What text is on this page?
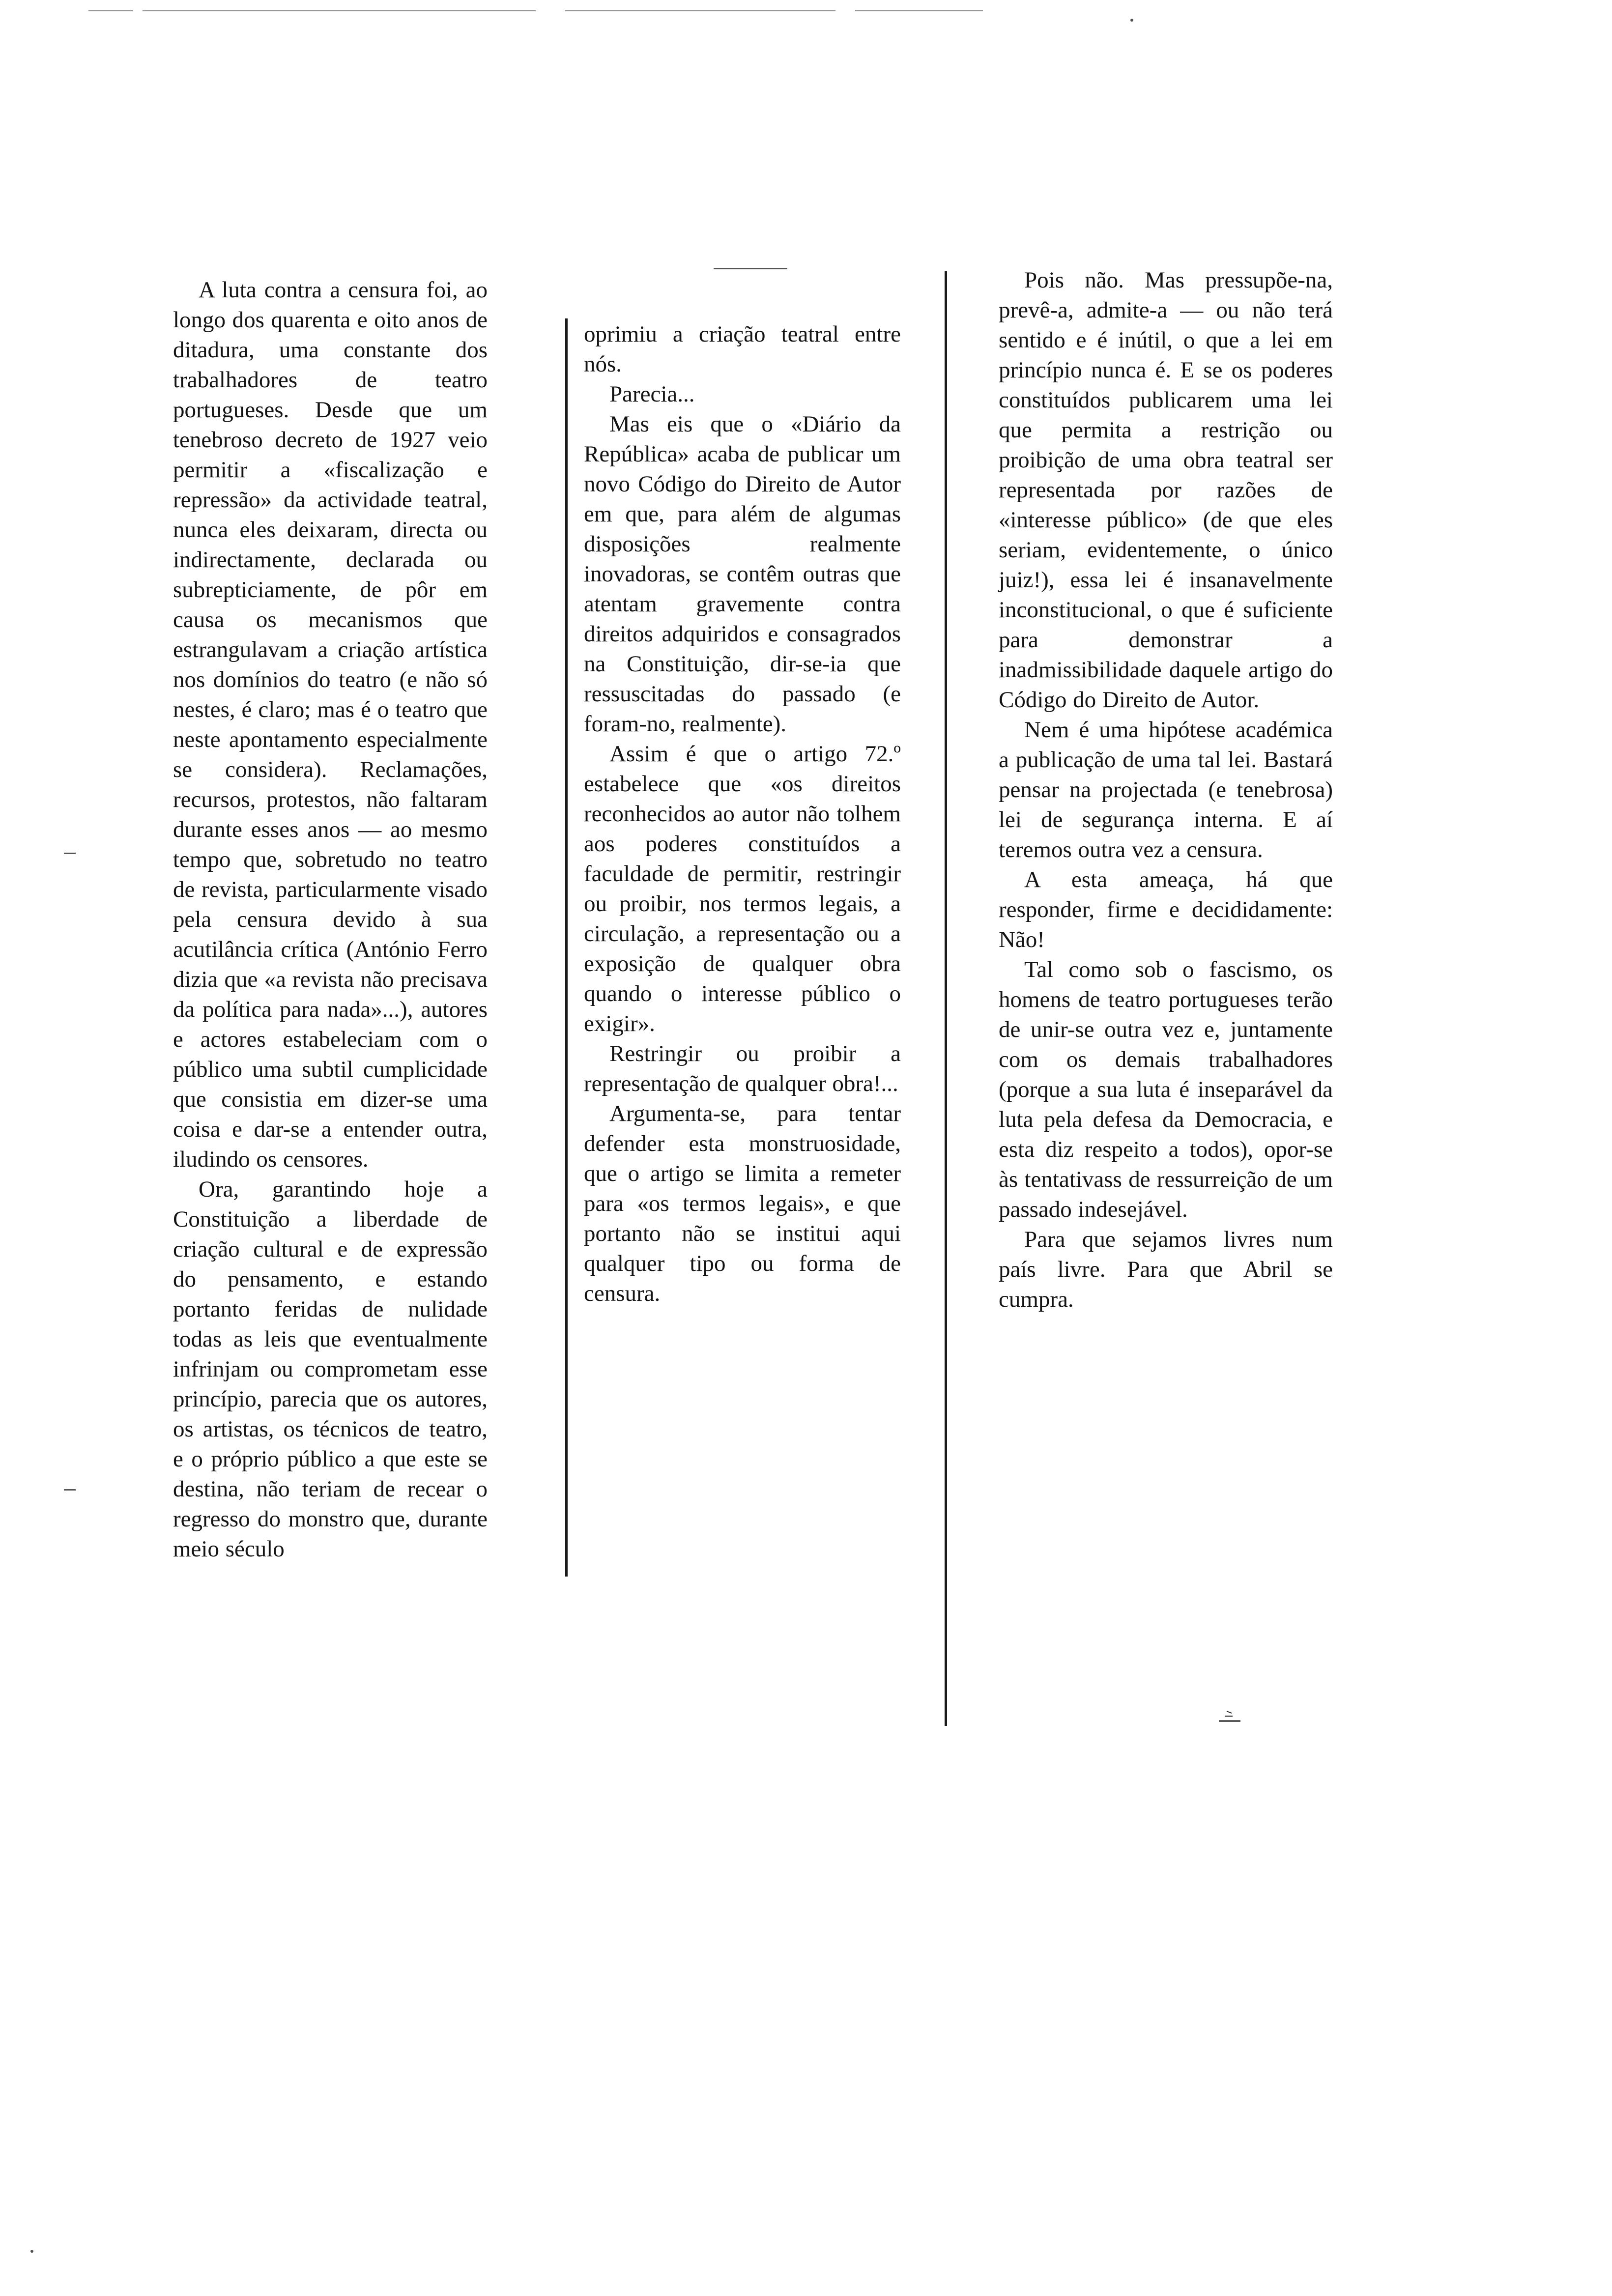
A luta contra a censura foi, ao longo dos quarenta e oito anos de ditadura, uma constante dos trabalhadores de teatro portugueses. Desde que um tenebroso decreto de 1927 veio permitir a «fiscalização e repressão» da actividade teatral, nunca eles deixaram, directa ou indirectamente, declarada ou subrepticiamente, de pôr em causa os mecanismos que estrangulavam a criação artística nos domínios do teatro (e não só nestes, é claro; mas é o teatro que neste apontamento especialmente se considera). Reclamações, recursos, protestos, não faltaram durante esses anos — ao mesmo tempo que, sobretudo no teatro de revista, particularmente visado pela censura devido à sua acutilância crítica (António Ferro dizia que «a revista não precisava da política para nada»...), autores e actores estabeleciam com o público uma subtil cumplicidade que consistia em dizer-se uma coisa e dar-se a entender outra, iludindo os censores.

Ora, garantindo hoje a Constituição a liberdade de criação cultural e de expressão do pensamento, e estando portanto feridas de nulidade todas as leis que eventualmente infrinjam ou comprometam esse princípio, parecia que os autores, os artistas, os técnicos de teatro, e o próprio público a que este se destina, não teriam de recear o regresso do monstro que, durante meio século

oprimiu a criação teatral entre nós.

Parecia...

Mas eis que o «Diário da República» acaba de publicar um novo Código do Direito de Autor em que, para além de algumas disposições realmente inovadoras, se contêm outras que atentam gravemente contra direitos adquiridos e consagrados na Constituição, dir-se-ia que ressuscitadas do passado (e foram-no, realmente).

Assim é que o artigo 72.º estabelece que «os direitos reconhecidos ao autor não tolhem aos poderes constituídos a faculdade de permitir, restringir ou proibir, nos termos legais, a circulação, a representação ou a exposição de qualquer obra quando o interesse público o exigir».

Restringir ou proibir a representação de qualquer obra!...

Argumenta-se, para tentar defender esta monstruosidade, que o artigo se limita a remeter para «os termos legais», e que portanto não se institui aqui qualquer tipo ou forma de censura.

Pois não. Mas pressupõe-na, prevê-a, admite-a — ou não terá sentido e é inútil, o que a lei em princípio nunca é. E se os poderes constituídos publicarem uma lei que permita a restrição ou proibição de uma obra teatral ser representada por razões de «interesse público» (de que eles seriam, evidentemente, o único juiz!), essa lei é insanavelmente inconstitucional, o que é suficiente para demonstrar a inadmissibilidade daquele artigo do Código do Direito de Autor.

Nem é uma hipótese académica a publicação de uma tal lei. Bastará pensar na projectada (e tenebrosa) lei de segurança interna. E aí teremos outra vez a censura.

A esta ameaça, há que responder, firme e decididamente: Não!

Tal como sob o fascismo, os homens de teatro portugueses terão de unir-se outra vez e, juntamente com os demais trabalhadores (porque a sua luta é inseparável da luta pela defesa da Democracia, e esta diz respeito a todos), opor-se às tentativass de ressurreição de um passado indesejável.

Para que sejamos livres num país livre. Para que Abril se cumpra.
